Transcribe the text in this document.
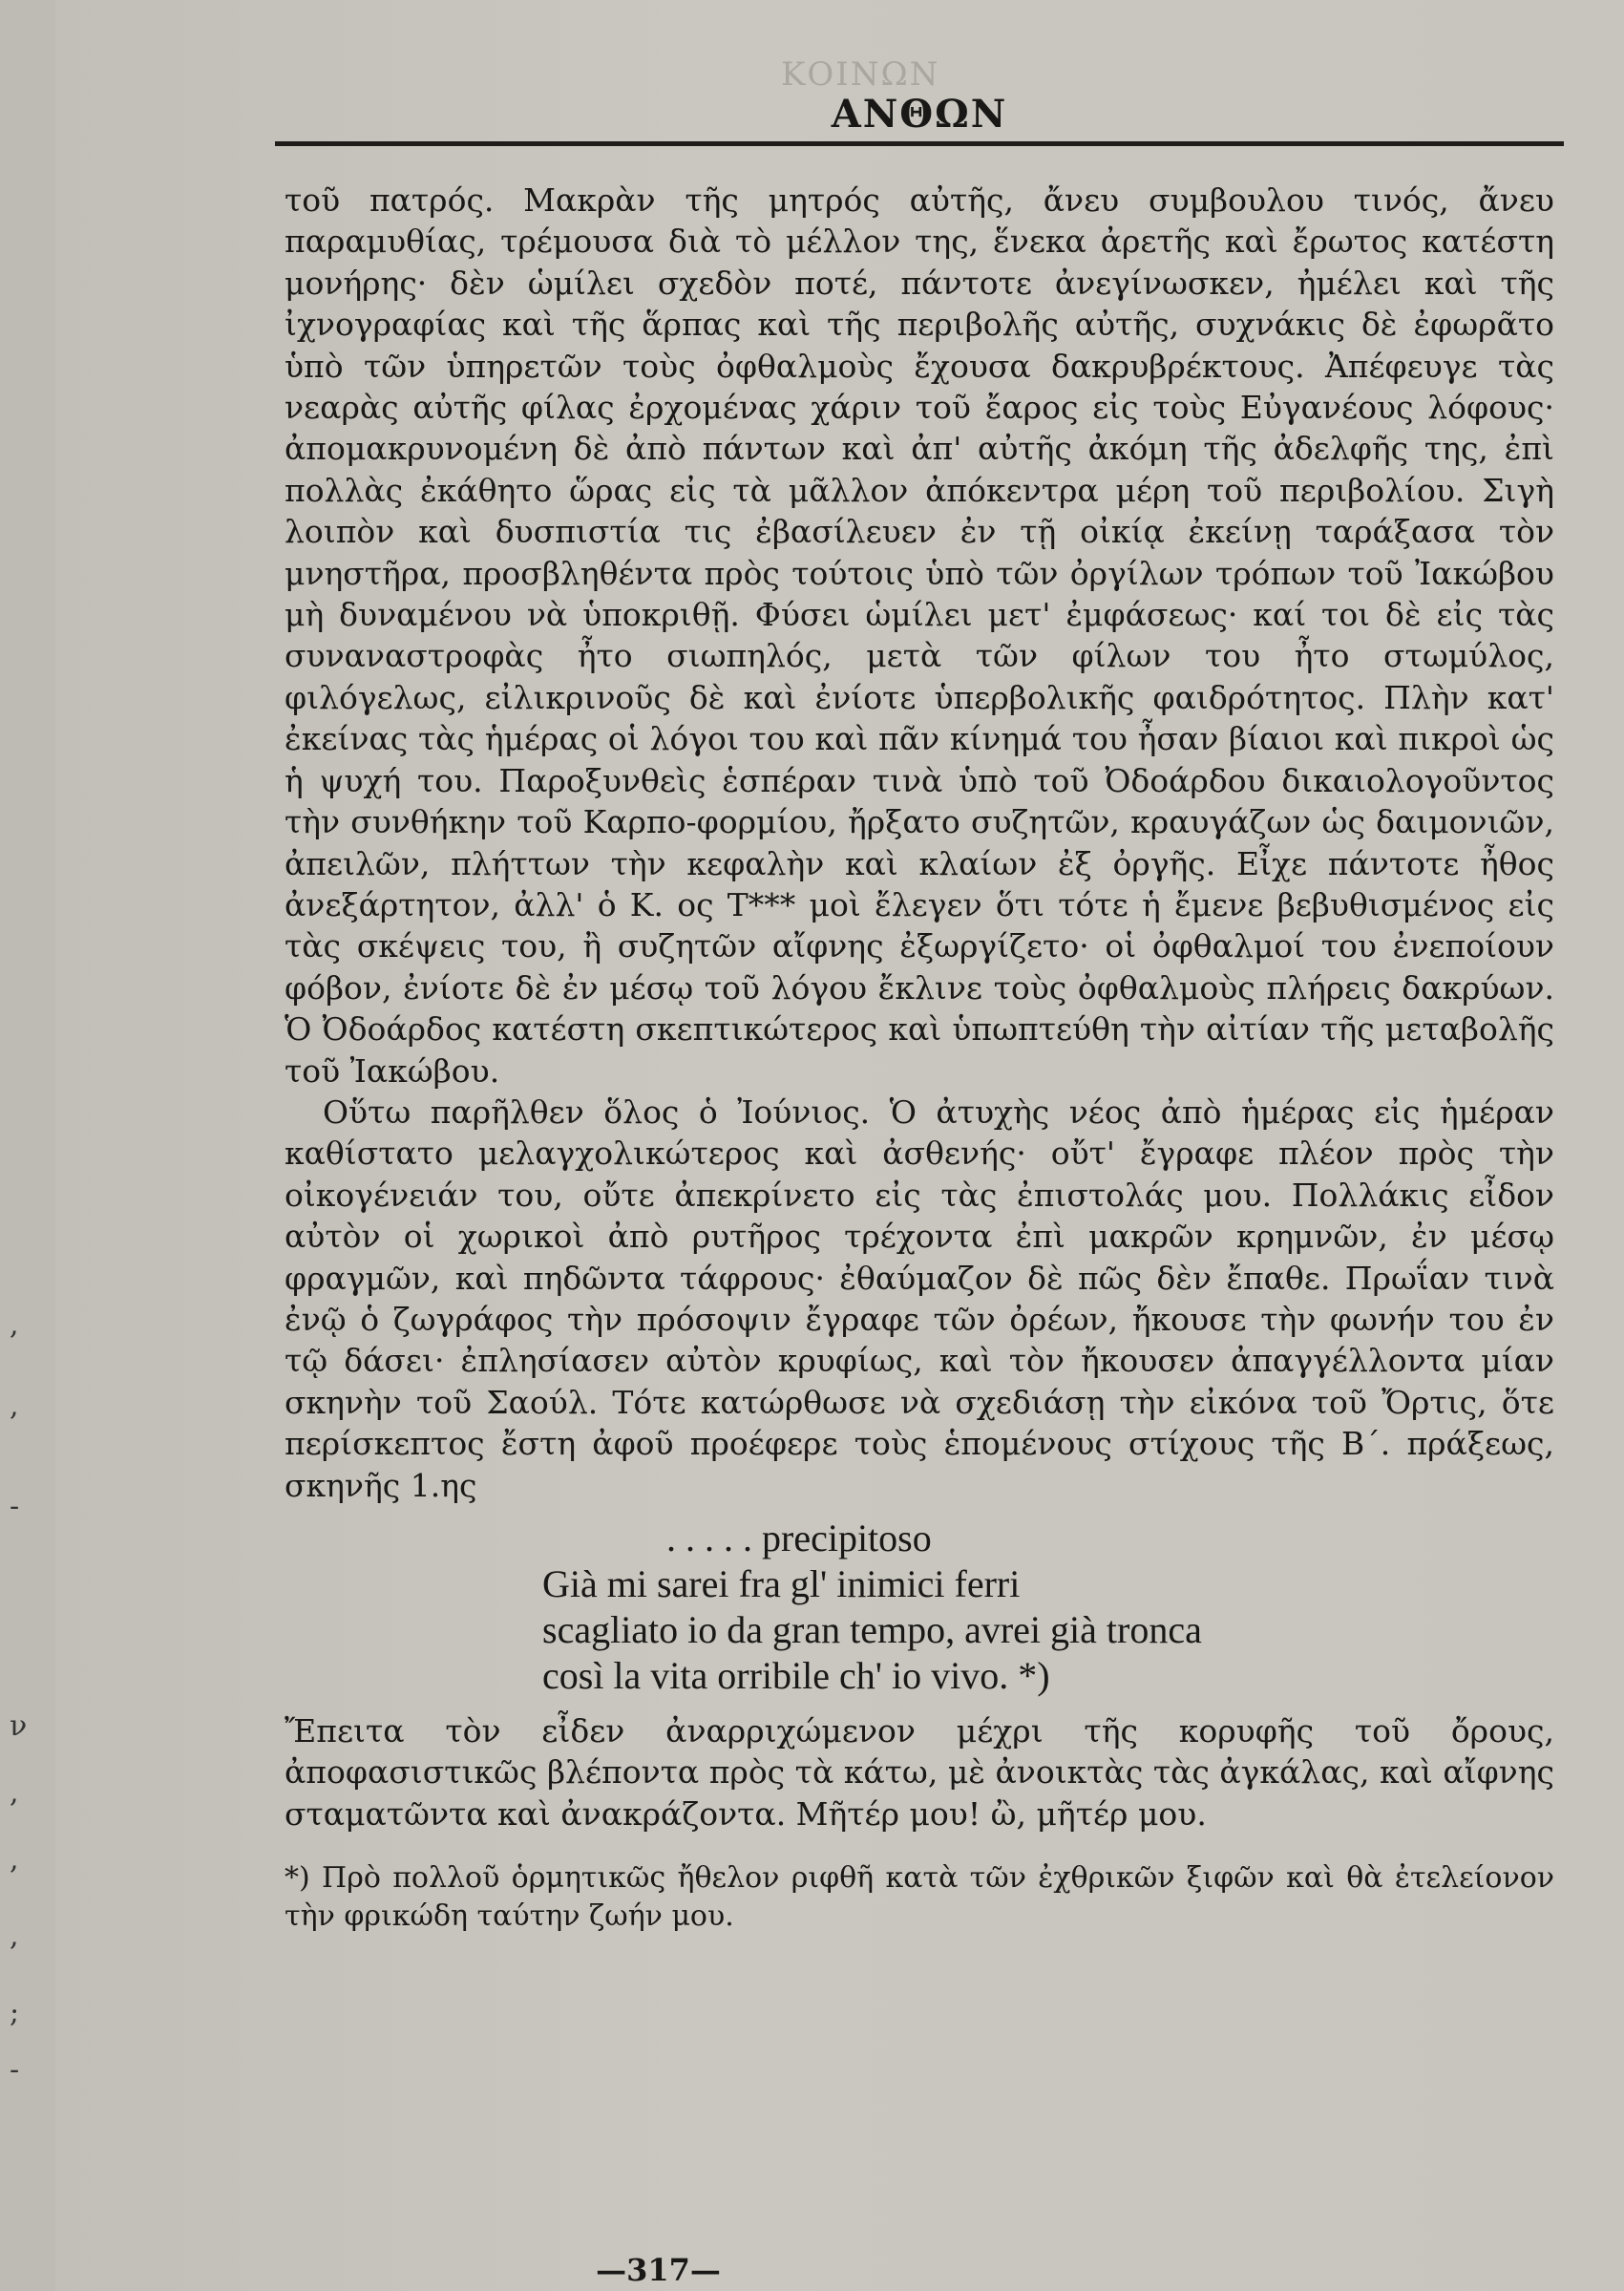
,
,
-
ν
,
,
,
;
-
ΚΟΙΝΩΝ
ΑΝΘΩΝ

τοῦ πατρός. Μακρὰν τῆς μητρός αὐτῆς, ἄνευ συμβουλου τινός, ἄνευ παραμυθίας, τρέμουσα διὰ τὸ μέλλον της, ἕνεκα ἀρετῆς καὶ ἔρωτος κατέστη μονήρης· δὲν ὡμίλει σχεδὸν ποτέ, πάντοτε ἀνεγίνωσκεν, ἠμέλει καὶ τῆς ἰχνογραφίας καὶ τῆς ἅρπας καὶ τῆς περιβολῆς αὐτῆς, συχνάκις δὲ ἐφωρᾶτο ὑπὸ τῶν ὑπηρετῶν τοὺς ὀφθαλμοὺς ἔχουσα δακρυβρέκτους. Ἀπέφευγε τὰς νεαρὰς αὐτῆς φίλας ἐρχομένας χάριν τοῦ ἔαρος εἰς τοὺς Εὐγανέους λόφους· ἀπομακρυνομένη δὲ ἀπὸ πάντων καὶ ἀπ' αὐτῆς ἀκόμη τῆς ἀδελφῆς της, ἐπὶ πολλὰς ἐκάθητο ὥρας εἰς τὰ μᾶλλον ἀπόκεντρα μέρη τοῦ περιβολίου. Σιγὴ λοιπὸν καὶ δυσπιστία τις ἐβασίλευεν ἐν τῇ οἰκίᾳ ἐκείνῃ ταράξασα τὸν μνηστῆρα, προσβληθέντα πρὸς τούτοις ὑπὸ τῶν ὀργίλων τρόπων τοῦ Ἰακώβου μὴ δυναμένου νὰ ὑποκριθῇ. Φύσει ὡμίλει μετ' ἐμφάσεως· καί τοι δὲ εἰς τὰς συναναστροφὰς ἦτο σιωπηλός, μετὰ τῶν φίλων του ἦτο στωμύλος, φιλόγελως, εἰλικρινοῦς δὲ καὶ ἐνίοτε ὑπερβολικῆς φαιδρότητος. Πλὴν κατ' ἐκείνας τὰς ἡμέρας οἱ λόγοι του καὶ πᾶν κίνημά του ἦσαν βίαιοι καὶ πικροὶ ὡς ἡ ψυχή του. Παροξυνθεὶς ἑσπέραν τινὰ ὑπὸ τοῦ Ὀδοάρδου δικαιολογοῦντος τὴν συνθήκην τοῦ Καρπο-φορμίου, ἤρξατο συζητῶν, κραυγάζων ὡς δαιμονιῶν, ἀπειλῶν, πλήττων τὴν κεφαλὴν καὶ κλαίων ἐξ ὀργῆς. Εἶχε πάντοτε ἦθος ἀνεξάρτητον, ἀλλ' ὁ Κ. ος Τ*** μοὶ ἔλεγεν ὅτι τότε ἡ ἔμενε βεβυθισμένος εἰς τὰς σκέψεις του, ἢ συζητῶν αἴφνης ἐξωργίζετο· οἱ ὀφθαλμοί του ἐνεποίουν φόβον, ἐνίοτε δὲ ἐν μέσῳ τοῦ λόγου ἔκλινε τοὺς ὀφθαλμοὺς πλήρεις δακρύων. Ὁ Ὀδοάρδος κατέστη σκεπτικώτερος καὶ ὑπωπτεύθη τὴν αἰτίαν τῆς μεταβολῆς τοῦ Ἰακώβου.

Οὕτω παρῆλθεν ὅλος ὁ Ἰούνιος. Ὁ ἀτυχὴς νέος ἀπὸ ἡμέρας εἰς ἡμέραν καθίστατο μελαγχολικώτερος καὶ ἀσθενής· οὔτ' ἔγραφε πλέον πρὸς τὴν οἰκογένειάν του, οὔτε ἀπεκρίνετο εἰς τὰς ἐπιστολάς μου. Πολλάκις εἶδον αὐτὸν οἱ χωρικοὶ ἀπὸ ρυτῆρος τρέχοντα ἐπὶ μακρῶν κρημνῶν, ἐν μέσῳ φραγμῶν, καὶ πηδῶντα τάφρους· ἐθαύμαζον δὲ πῶς δὲν ἔπαθε. Πρωΐαν τινὰ ἐνῷ ὁ ζωγράφος τὴν πρόσοψιν ἔγραφε τῶν ὀρέων, ἤκουσε τὴν φωνήν του ἐν τῷ δάσει· ἐπλησίασεν αὐτὸν κρυφίως, καὶ τὸν ἤκουσεν ἀπαγγέλλοντα μίαν σκηνὴν τοῦ Σαούλ. Τότε κατώρθωσε νὰ σχεδιάσῃ τὴν εἰκόνα τοῦ Ὄρτις, ὅτε περίσκεπτος ἔστη ἀφοῦ προέφερε τοὺς ἑπομένους στίχους τῆς Β΄. πράξεως, σκηνῆς 1.ης

. . . . . precipitoso
Già mi sarei fra gl' inimici ferri
scagliato io da gran tempo, avrei già tronca
così la vita orribile ch' io vivo. *)

Ἔπειτα τὸν εἶδεν ἀναρριχώμενον μέχρι τῆς κορυφῆς τοῦ ὄρους, ἀποφασιστικῶς βλέποντα πρὸς τὰ κάτω, μὲ ἀνοικτὰς τὰς ἀγκάλας, καὶ αἴφνης σταματῶντα καὶ ἀνακράζοντα. Μῆτέρ μου! ὢ, μῆτέρ μου.

*) Πρὸ πολλοῦ ὁρμητικῶς ἤθελον ριφθῆ κατὰ τῶν ἐχθρικῶν ξιφῶν καὶ θὰ ἐτελείονον τὴν φρικώδη ταύτην ζωήν μου.

—317—
